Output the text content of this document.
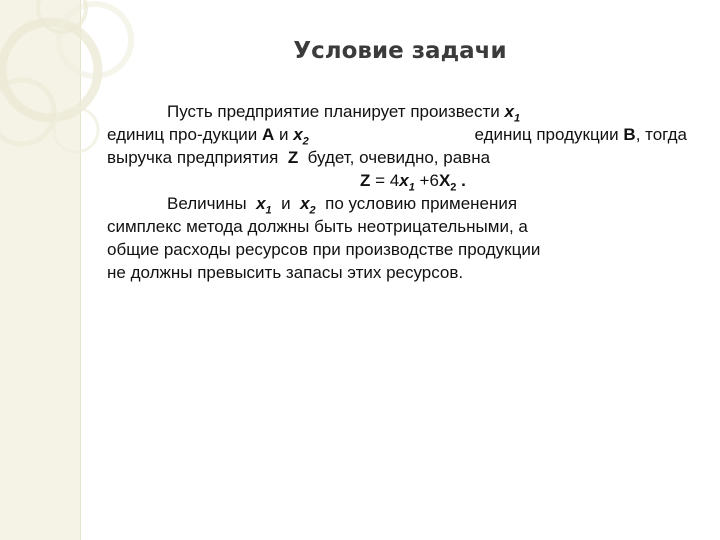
Условие задачи
Пусть предприятие планирует произвести $x_1$
единиц про-дукции А и $x_2$	единиц продукции В, тогда
выручка предприятия Z будет, очевидно, равна
$Z = 4x_1 +6X_2$ .
Величины $x_1$ и $x_2$ по условию применения
симплекс метода должны быть неотрицательными, а
общие расходы ресурсов при производстве продукции
не должны превысить запасы этих ресурсов.
